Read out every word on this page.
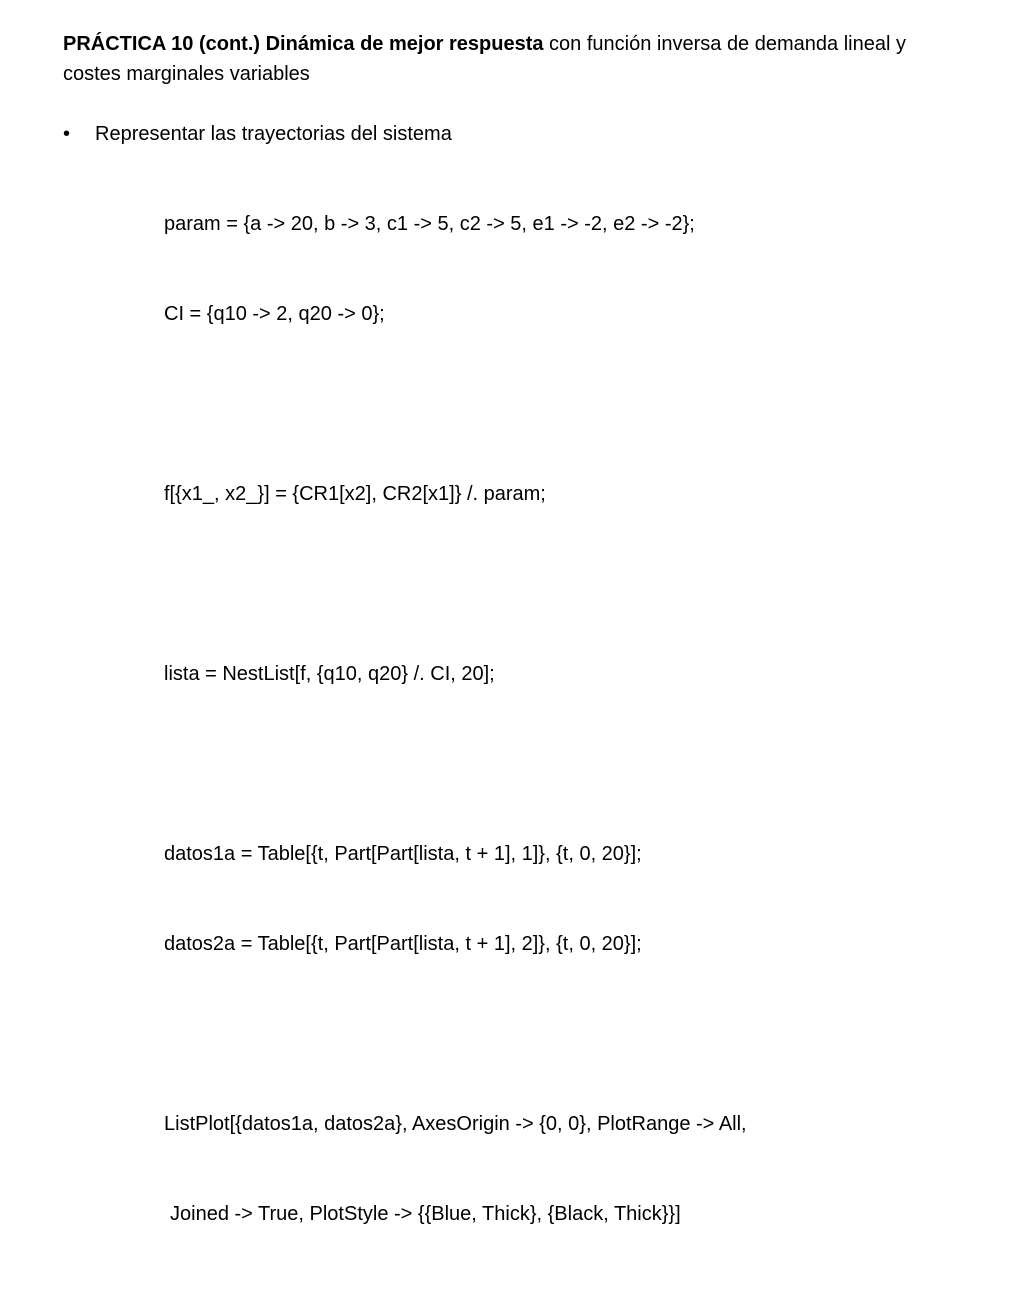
PRÁCTICA 10 (cont.) Dinámica de mejor respuesta con función inversa de demanda lineal y costes marginales variables
• Representar las trayectorias del sistema

param = {a -> 20, b -> 3, c1 -> 5, c2 -> 5, e1 -> -2, e2 -> -2};

CI = {q10 -> 2, q20 -> 0};

f[{x1_, x2_}] = {CR1[x2], CR2[x1]} /. param;

lista = NestList[f, {q10, q20} /. CI, 20];

datos1a = Table[{t, Part[Part[lista, t + 1], 1]}, {t, 0, 20}];

datos2a = Table[{t, Part[Part[lista, t + 1], 2]}, {t, 0, 20}];

ListPlot[{datos1a, datos2a}, AxesOrigin -> {0, 0}, PlotRange -> All,

Joined -> True, PlotStyle -> {{Blue, Thick}, {Black, Thick}}]
